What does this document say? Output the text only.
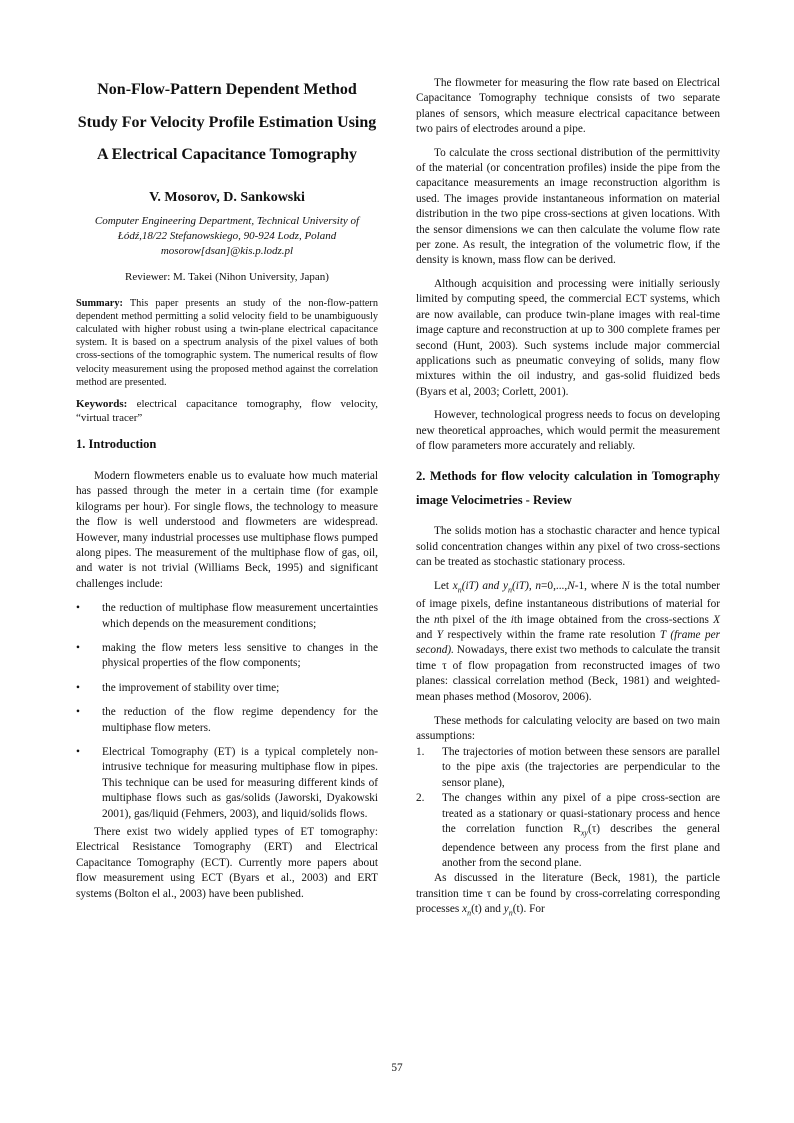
Non-Flow-Pattern Dependent Method Study For Velocity Profile Estimation Using A Electrical Capacitance Tomography
V. Mosorov, D. Sankowski
Computer Engineering Department, Technical University of Łódź,18/22 Stefanowskiego, 90-924 Lodz, Poland mosorow[dsan]@kis.p.lodz.pl
Reviewer: M. Takei (Nihon University, Japan)

Summary: This paper presents an study of the non-flow-pattern dependent method permitting a solid velocity field to be unambiguously calculated with higher robust using a twin-plane electrical capacitance system. It is based on a spectrum analysis of the pixel values of both cross-sections of the tomographic system. The numerical results of flow velocity measurement using the proposed method against the correlation method are presented.

Keywords: electrical capacitance tomography, flow velocity, “virtual tracer”

1. Introduction

Modern flowmeters enable us to evaluate how much material has passed through the meter in a certain time (for example kilograms per hour). For single flows, the technology to measure the flow is well understood and flowmeters are widespread. However, many industrial processes use multiphase flows pumped along pipes. The measurement of the multiphase flow of gas, oil, and water is not trivial (Williams Beck, 1995) and significant challenges include:

• the reduction of multiphase flow measurement uncertainties which depends on the measurement conditions;
• making the flow meters less sensitive to changes in the physical properties of the flow components;
• the improvement of stability over time;
• the reduction of the flow regime dependency for the multiphase flow meters.
• Electrical Tomography (ET) is a typical completely non-intrusive technique for measuring multiphase flow in pipes. This technique can be used for measuring different kinds of multiphase flows such as gas/solids (Jaworski, Dyakowski 2001), gas/liquid (Fehmers, 2003), and liquid/solids flows.

There exist two widely applied types of ET tomography: Electrical Resistance Tomography (ERT) and Electrical Capacitance Tomography (ECT). Currently more papers about flow measurement using ECT (Byars et al., 2003) and ERT systems (Bolton el al., 2003) have been published.

The flowmeter for measuring the flow rate based on Electrical Capacitance Tomography technique consists of two separate planes of sensors, which measure electrical capacitance between two pairs of electrodes around a pipe.

To calculate the cross sectional distribution of the permittivity of the material (or concentration profiles) inside the pipe from the capacitance measurements an image reconstruction algorithm is used. The images provide instantaneous information on material distribution in the two pipe cross-sections at given locations. With the sensor dimensions we can then calculate the volume flow rate per zone. As result, the integration of the volumetric flow, if the density is known, mass flow can be derived.

Although acquisition and processing were initially seriously limited by computing speed, the commercial ECT systems, which are now available, can produce twin-plane images with real-time image capture and reconstruction at up to 300 complete frames per second (Hunt, 2003). Such systems include major commercial applications such as pneumatic conveying of solids, many flow mixtures within the oil industry, and gas-solid fluidized beds (Byars et al, 2003; Corlett, 2001).

However, technological progress needs to focus on developing new theoretical approaches, which would permit the measurement of flow parameters more accurately and reliably.

2. Methods for flow velocity calculation in Tomography image Velocimetries - Review

The solids motion has a stochastic character and hence typical solid concentration changes within any pixel of two cross-sections can be treated as stochastic stationary process.

Let $x_n(iT)$ and $y_n(iT)$, n=0,...,N-1, where N is the total number of image pixels, define instantaneous distributions of material for the nth pixel of the ith image obtained from the cross-sections X and Y respectively within the frame rate resolution T (frame per second). Nowadays, there exist two methods to calculate the transit time τ of flow propagation from reconstructed images of two planes: classical correlation method (Beck, 1981) and weighted-mean phases method (Mosorov, 2006).

These methods for calculating velocity are based on two main assumptions:

1. The trajectories of motion between these sensors are parallel to the pipe axis (the trajectories are perpendicular to the sensor plane),
2. The changes within any pixel of a pipe cross-section are treated as a stationary or quasi-stationary process and hence the correlation function $R_{xy}(\tau)$ describes the general dependence between any process from the first plane and another from the second plane.

As discussed in the literature (Beck, 1981), the particle transition time τ can be found by cross-correlating corresponding processes $x_n(t)$ and $y_n(t)$. For

57
